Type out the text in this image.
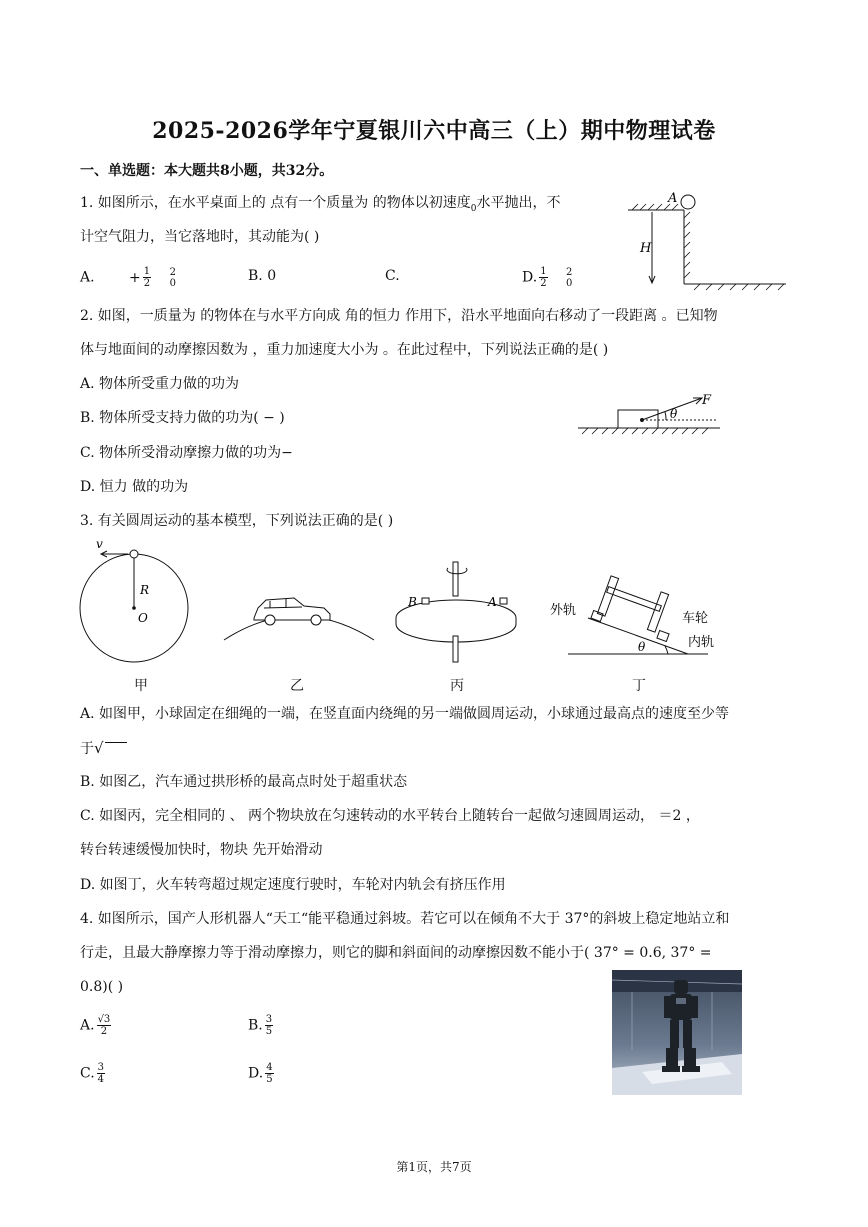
2025-2026学年宁夏银川六中高三（上）期中物理试卷
一、单选题：本大题共8小题，共32分。
1. 如图所示，在水平桌面上的 点有一个质量为 的物体以初速度$_0$水平抛出，不
计空气阻力，当它落地时，其动能为( )
A. + $\frac{1}{2}$
2
0	B. 0	C.	D. $\frac{1}{2}$
2
0
A
H
2. 如图，一质量为 的物体在与水平方向成 角的恒力 作用下，沿水平地面向右移动了一段距离 。已知物
体与地面间的动摩擦因数为 ，重力加速度大小为 。在此过程中，下列说法正确的是( )
A. 物体所受重力做的功为
B. 物体所受支持力做的功为( − )
C. 物体所受滑动摩擦力做的功为−
D. 恒力 做的功为
F
θ
3. 有关圆周运动的基本模型，下列说法正确的是( )
v
R
O
B	A
外轨
车轮
内轨
θ
甲	乙	丙	丁
A. 如图甲，小球固定在细绳的一端，在竖直面内绕绳的另一端做圆周运动，小球通过最高点的速度至少等
于√
B. 如图乙，汽车通过拱形桥的最高点时处于超重状态
C. 如图丙，完全相同的 、 两个物块放在匀速转动的水平转台上随转台一起做匀速圆周运动， ＝2 ，
转台转速缓慢加快时，物块 先开始滑动
D. 如图丁，火车转弯超过规定速度行驶时，车轮对内轨会有挤压作用
4. 如图所示，国产人形机器人“天工“能平稳通过斜坡。若它可以在倾角不大于 37°的斜坡上稳定地站立和
行走，且最大静摩擦力等于滑动摩擦力，则它的脚和斜面间的动摩擦因数不能小于( 37° = 0.6, 37° =
0.8)( )
A. $\frac{√3}{2}$	B. $\frac{3}{5}$
C. $\frac{3}{4}$	D. $\frac{4}{5}$
第1页，共7页
